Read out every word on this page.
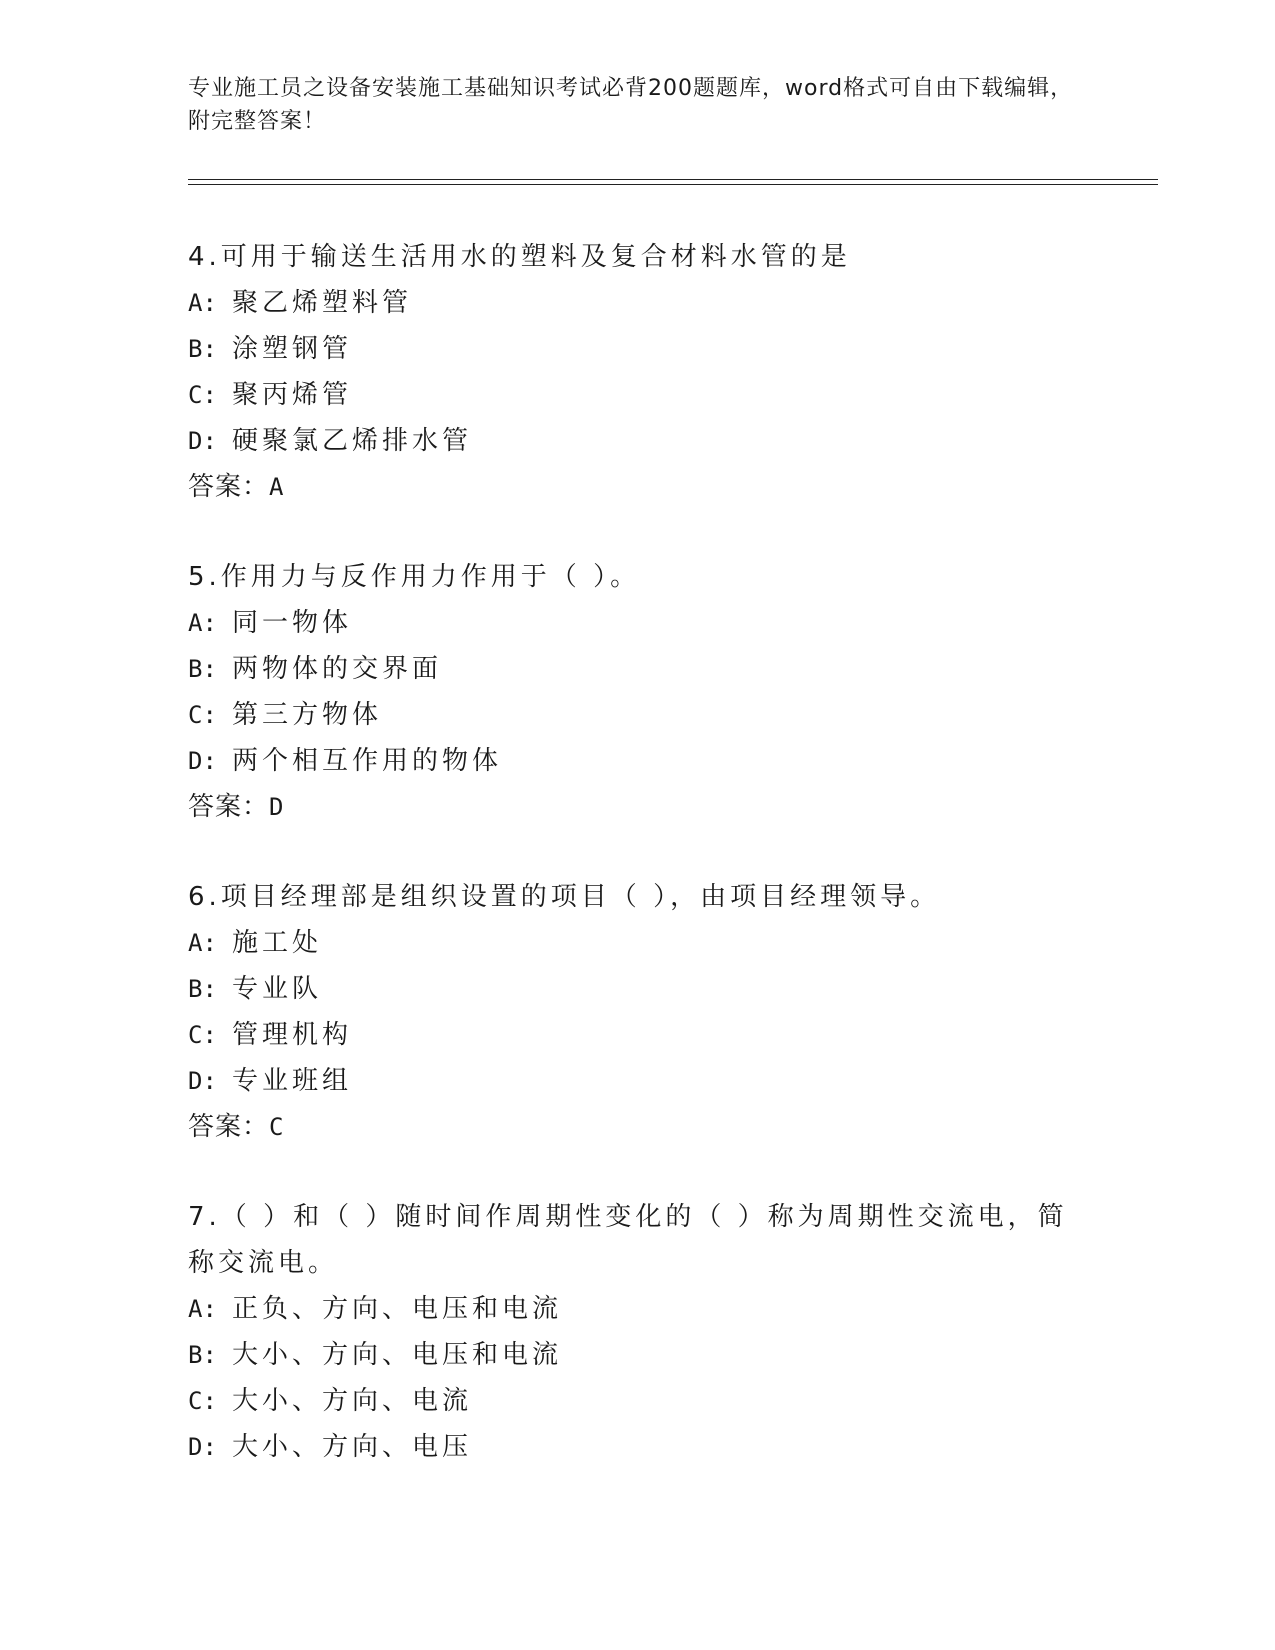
专业施工员之设备安装施工基础知识考试必背200题题库，word格式可自由下载编辑，附完整答案！
4.可用于输送生活用水的塑料及复合材料水管的是
A: 聚乙烯塑料管
B: 涂塑钢管
C: 聚丙烯管
D: 硬聚氯乙烯排水管
答案：A
5.作用力与反作用力作用于（ ）。
A: 同一物体
B: 两物体的交界面
C: 第三方物体
D: 两个相互作用的物体
答案：D
6.项目经理部是组织设置的项目（ ），由项目经理领导。
A: 施工处
B: 专业队
C: 管理机构
D: 专业班组
答案：C
7.（ ）和（ ）随时间作周期性变化的（ ）称为周期性交流电，简称交流电。
A: 正负、方向、电压和电流
B: 大小、方向、电压和电流
C: 大小、方向、电流
D: 大小、方向、电压
